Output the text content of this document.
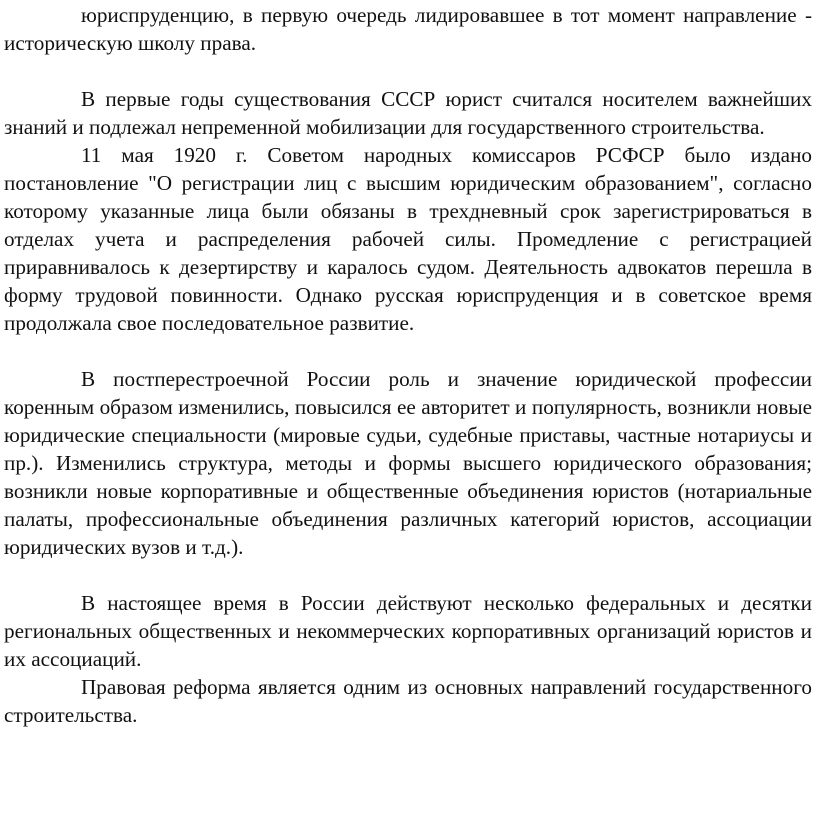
юриспруденцию, в первую очередь лидировавшее в тот момент направление - историческую школу права.

В первые годы существования СССР юрист считался носителем важнейших знаний и подлежал непременной мобилизации для государственного строительства.

11 мая 1920 г. Советом народных комиссаров РСФСР было издано постановление "О регистрации лиц с высшим юридическим образованием", согласно которому указанные лица были обязаны в трехдневный срок зарегистрироваться в отделах учета и распределения рабочей силы. Промедление с регистрацией приравнивалось к дезертирству и каралось судом. Деятельность адвокатов перешла в форму трудовой повинности. Однако русская юриспруденция и в советское время продолжала свое последовательное развитие.

В постперестроечной России роль и значение юридической профессии коренным образом изменились, повысился ее авторитет и популярность, возникли новые юридические специальности (мировые судьи, судебные приставы, частные нотариусы и пр.). Изменились структура, методы и формы высшего юридического образования; возникли новые корпоративные и общественные объединения юристов (нотариальные палаты, профессиональные объединения различных категорий юристов, ассоциации юридических вузов и т.д.).

В настоящее время в России действуют несколько федеральных и десятки региональных общественных и некоммерческих корпоративных организаций юристов и их ассоциаций.

Правовая реформа является одним из основных направлений государственного строительства.
